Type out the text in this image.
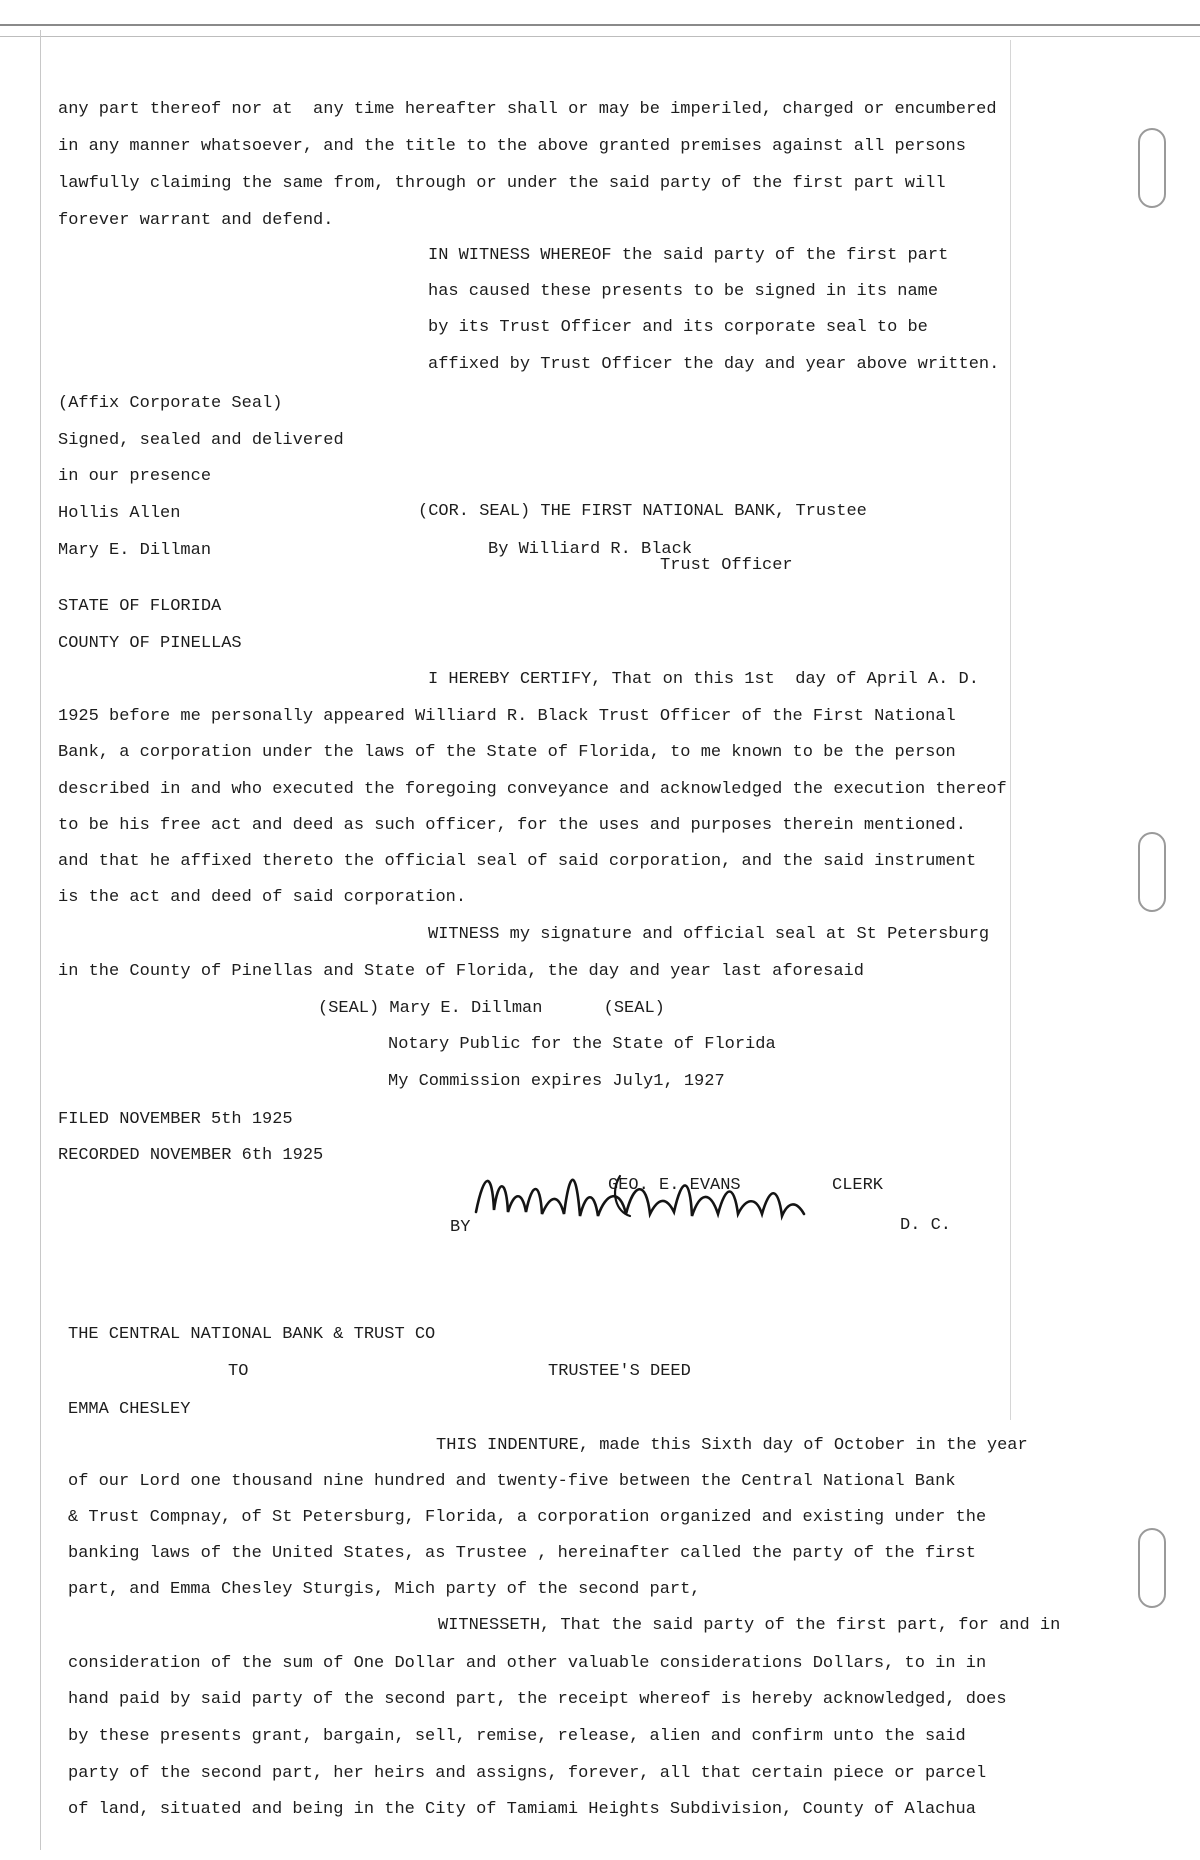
any part thereof nor at  any time hereafter shall or may be imperiled, charged or encumbered
in any manner whatsoever, and the title to the above granted premises against all persons
lawfully claiming the same from, through or under the said party of the first part will
forever warrant and defend.
IN WITNESS WHEREOF the said party of the first part
has caused these presents to be signed in its name
by its Trust Officer and its corporate seal to be
affixed by Trust Officer the day and year above written.
(Affix Corporate Seal)
Signed, sealed and delivered
in our presence
Hollis Allen	(COR. SEAL) THE FIRST NATIONAL BANK, Trustee
Mary E. Dillman	By Williard R. Black
Trust Officer
STATE OF FLORIDA
COUNTY OF PINELLAS
I HEREBY CERTIFY, That on this 1st  day of April A. D.
1925 before me personally appeared Williard R. Black Trust Officer of the First National
Bank, a corporation under the laws of the State of Florida, to me known to be the person
described in and who executed the foregoing conveyance and acknowledged the execution thereof
to be his free act and deed as such officer, for the uses and purposes therein mentioned.
and that he affixed thereto the official seal of said corporation, and the said instrument
is the act and deed of said corporation.
WITNESS my signature and official seal at St Petersburg
in the County of Pinellas and State of Florida, the day and year last aforesaid
(SEAL) Mary E. Dillman      (SEAL)
Notary Public for the State of Florida
My Commission expires July1, 1927
FILED NOVEMBER 5th 1925
RECORDED NOVEMBER 6th 1925
GEO. E. EVANS	CLERK
BY	D. C.
THE CENTRAL NATIONAL BANK & TRUST CO
TO	TRUSTEE'S DEED
EMMA CHESLEY
THIS INDENTURE, made this Sixth day of October in the year
of our Lord one thousand nine hundred and twenty-five between the Central National Bank
& Trust Compnay, of St Petersburg, Florida, a corporation organized and existing under the
banking laws of the United States, as Trustee , hereinafter called the party of the first
part, and Emma Chesley Sturgis, Mich party of the second part,
WITNESSETH, That the said party of the first part, for and in
consideration of the sum of One Dollar and other valuable considerations Dollars, to in in
hand paid by said party of the second part, the receipt whereof is hereby acknowledged, does
by these presents grant, bargain, sell, remise, release, alien and confirm unto the said
party of the second part, her heirs and assigns, forever, all that certain piece or parcel
of land, situated and being in the City of Tamiami Heights Subdivision, County of Alachua
